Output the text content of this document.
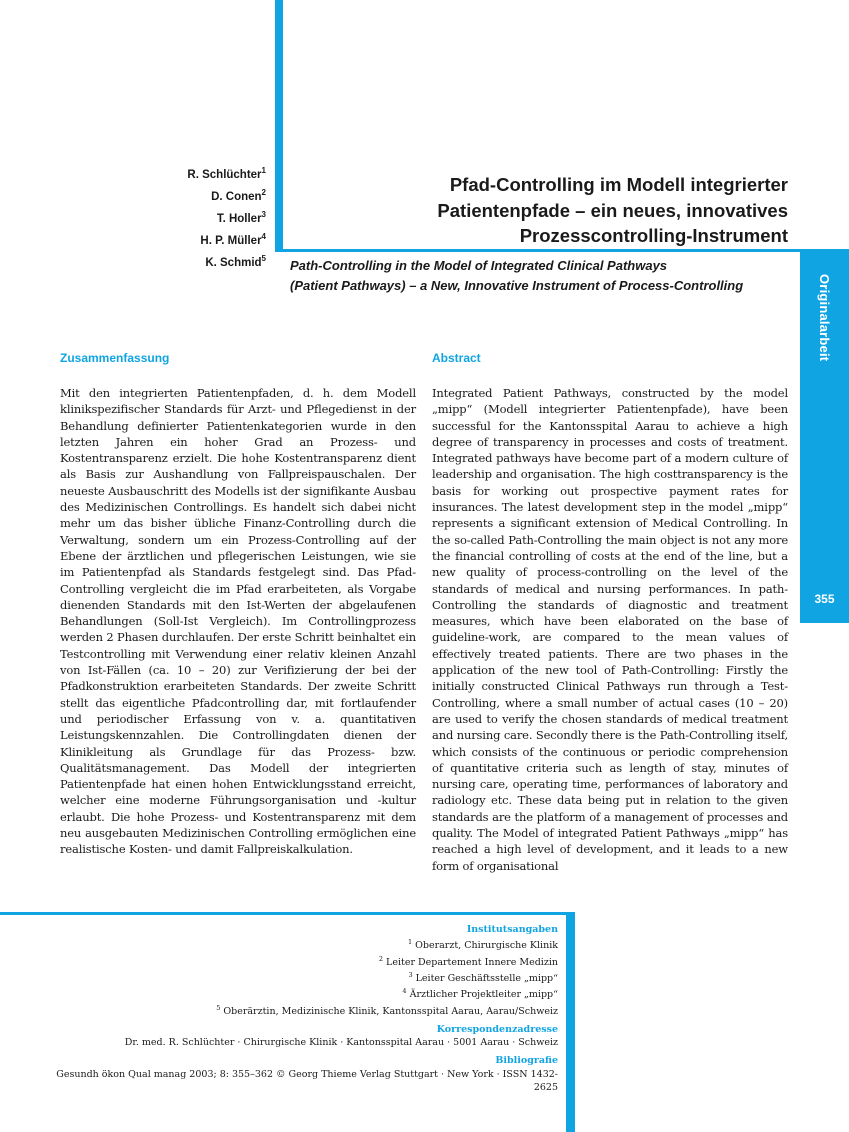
Originalarbeit
355
R. Schlüchter$^1$
D. Conen$^2$
T. Holler$^3$
H. P. Müller$^4$
K. Schmid$^5$
Pfad-Controlling im Modell integrierter
Patientenpfade – ein neues, innovatives
Prozesscontrolling-Instrument
Path-Controlling in the Model of Integrated Clinical Pathways
(Patient Pathways) – a New, Innovative Instrument of Process-Controlling
Zusammenfassung

Mit den integrierten Patientenpfaden, d. h. dem Modell klinikspezifischer Standards für Arzt- und Pflegedienst in der Behandlung definierter Patientenkategorien wurde in den letzten Jahren ein hoher Grad an Prozess- und Kostentransparenz erzielt. Die hohe Kostentransparenz dient als Basis zur Aushandlung von Fallpreispauschalen. Der neueste Ausbauschritt des Modells ist der signifikante Ausbau des Medizinischen Controllings. Es handelt sich dabei nicht mehr um das bisher übliche Finanz-Controlling durch die Verwaltung, sondern um ein Prozess-Controlling auf der Ebene der ärztlichen und pflegerischen Leistungen, wie sie im Patientenpfad als Standards festgelegt sind. Das Pfad-Controlling vergleicht die im Pfad erarbeiteten, als Vorgabe dienenden Standards mit den Ist-Werten der abgelaufenen Behandlungen (Soll-Ist Vergleich). Im Controllingprozess werden 2 Phasen durchlaufen. Der erste Schritt beinhaltet ein Testcontrolling mit Verwendung einer relativ kleinen Anzahl von Ist-Fällen (ca. 10 – 20) zur Verifizierung der bei der Pfadkonstruktion erarbeiteten Standards. Der zweite Schritt stellt das eigentliche Pfadcontrolling dar, mit fortlaufender und periodischer Erfassung von v. a. quantitativen Leistungskennzahlen. Die Controllingdaten dienen der Klinikleitung als Grundlage für das Prozess- bzw. Qualitätsmanagement. Das Modell der integrierten Patientenpfade hat einen hohen Entwicklungsstand erreicht, welcher eine moderne Führungsorganisation und -kultur erlaubt. Die hohe Prozess- und Kostentransparenz mit dem neu ausgebauten Medizinischen Controlling ermöglichen eine realistische Kosten- und damit Fallpreiskalkulation.

Abstract

Integrated Patient Pathways, constructed by the model „mipp“ (Modell integrierter Patientenpfade), have been successful for the Kantonsspital Aarau to achieve a high degree of transparency in processes and costs of treatment. Integrated pathways have become part of a modern culture of leadership and organisation. The high costtransparency is the basis for working out prospective payment rates for insurances. The latest development step in the model „mipp“ represents a significant extension of Medical Controlling. In the so-called Path-Controlling the main object is not any more the financial controlling of costs at the end of the line, but a new quality of process-controlling on the level of the standards of medical and nursing performances. In path-Controlling the standards of diagnostic and treatment measures, which have been elaborated on the base of guideline-work, are compared to the mean values of effectively treated patients. There are two phases in the application of the new tool of Path-Controlling: Firstly the initially constructed Clinical Pathways run through a Test-Controlling, where a small number of actual cases (10 – 20) are used to verify the chosen standards of medical treatment and nursing care. Secondly there is the Path-Controlling itself, which consists of the continuous or periodic comprehension of quantitative criteria such as length of stay, minutes of nursing care, operating time, performances of laboratory and radiology etc. These data being put in relation to the given standards are the platform of a management of processes and quality. The Model of integrated Patient Pathways „mipp“ has reached a high level of development, and it leads to a new form of organisational

Institutsangaben
$^1$ Oberarzt, Chirurgische Klinik
$^2$ Leiter Departement Innere Medizin
$^3$ Leiter Geschäftsstelle „mipp“
$^4$ Ärztlicher Projektleiter „mipp“
$^5$ Oberärztin, Medizinische Klinik, Kantonsspital Aarau, Aarau/Schweiz
Korrespondenzadresse
Dr. med. R. Schlüchter · Chirurgische Klinik · Kantonsspital Aarau · 5001 Aarau · Schweiz
Bibliografie
Gesundh ökon Qual manag 2003; 8: 355–362 © Georg Thieme Verlag Stuttgart · New York · ISSN 1432-2625
